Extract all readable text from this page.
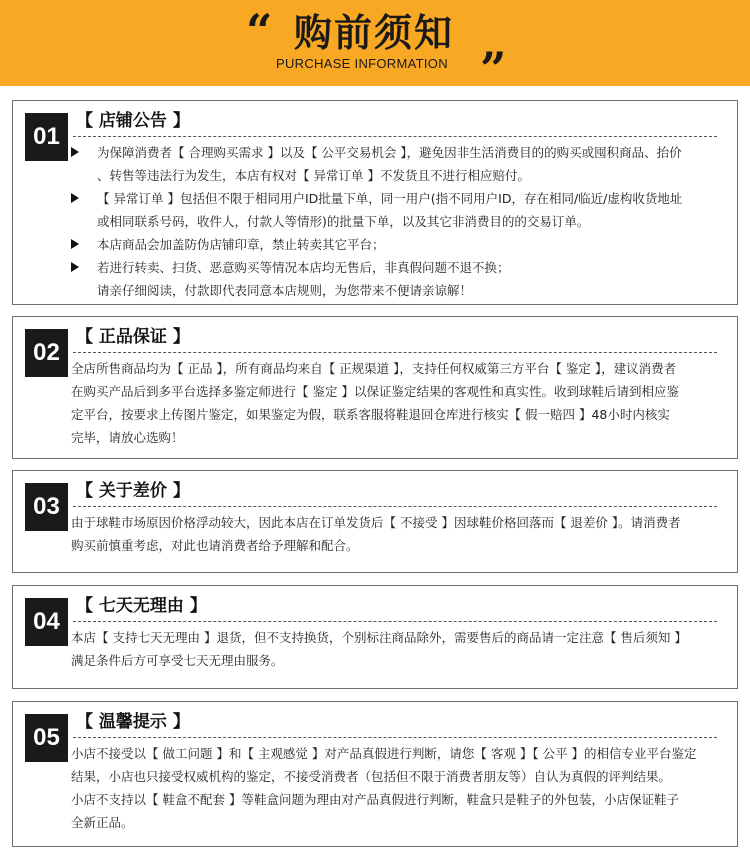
“ 购前须知
PURCHASE INFORMATION ”
01
【 店铺公告 】
为保障消费者【 合理购买需求 】以及【 公平交易机会 】，避免因非生活消费目的的购买或囤积商品、抬价
、转售等违法行为发生，本店有权对【 异常订单 】不发货且不进行相应赔付。
【 异常订单 】包括但不限于相同用户ID批量下单，同一用户(指不同用户ID，存在相同/临近/虚构收货地址
或相同联系号码，收件人，付款人等情形)的批量下单，以及其它非消费目的的交易订单。
本店商品会加盖防伪店铺印章，禁止转卖其它平台；
若进行转卖、扫货、恶意购买等情况本店均无售后，非真假问题不退不换；
请亲仔细阅读，付款即代表同意本店规则，为您带来不便请亲谅解！
02
【 正品保证 】
全店所售商品均为【 正品 】，所有商品均来自【 正规渠道 】，支持任何权威第三方平台【 鉴定 】，建议消费者
在购买产品后到多平台选择多鉴定师进行【 鉴定 】以保证鉴定结果的客观性和真实性。收到球鞋后请到相应鉴
定平台，按要求上传图片鉴定，如果鉴定为假，联系客服将鞋退回仓库进行核实【 假一赔四 】48小时内核实
完毕，请放心选购！
03
【 关于差价 】
由于球鞋市场原因价格浮动较大，因此本店在订单发货后【 不接受 】因球鞋价格回落而【 退差价 】。请消费者
购买前慎重考虑，对此也请消费者给予理解和配合。
04
【 七天无理由 】
本店【 支持七天无理由 】退货，但不支持换货，个别标注商品除外，需要售后的商品请一定注意【 售后须知 】
满足条件后方可享受七天无理由服务。
05
【 温馨提示 】
小店不接受以【 做工问题 】和【 主观感觉 】对产品真假进行判断，请您【 客观 】【 公平 】的相信专业平台鉴定
结果，小店也只接受权威机构的鉴定，不接受消费者（包括但不限于消费者朋友等）自认为真假的评判结果。
小店不支持以【 鞋盒不配套 】等鞋盒问题为理由对产品真假进行判断，鞋盒只是鞋子的外包装，小店保证鞋子
全新正品。
